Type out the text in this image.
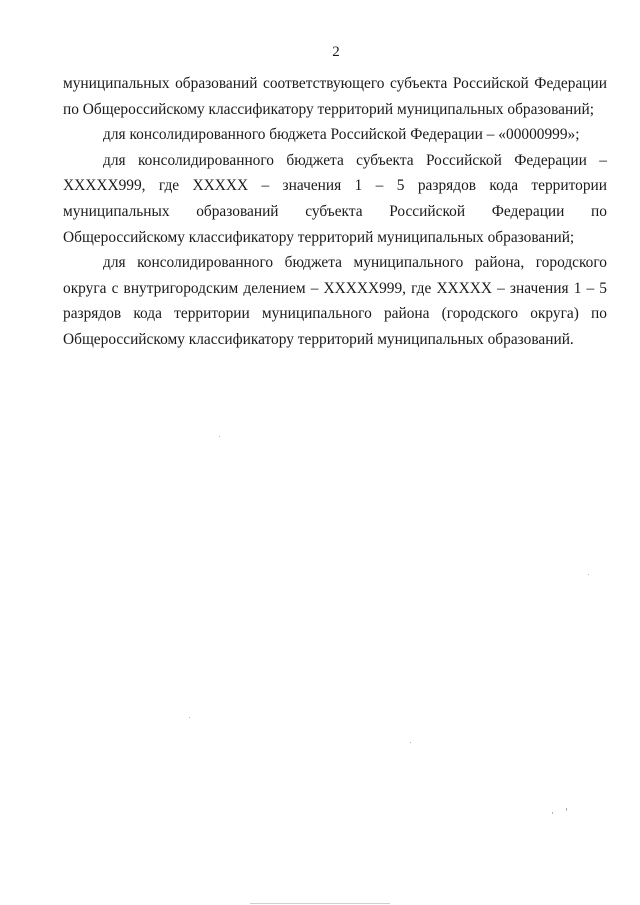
2

муниципальных образований соответствующего субъекта Российской Федерации по Общероссийскому классификатору территорий муниципальных образований;

для консолидированного бюджета Российской Федерации – «00000999»;

для консолидированного бюджета субъекта Российской Федерации – XXXXX999, где XXXXX – значения 1 – 5 разрядов кода территории муниципальных образований субъекта Российской Федерации по Общероссийскому классификатору территорий муниципальных образований;

для консолидированного бюджета муниципального района, городского округа с внутригородским делением – XXXXX999, где XXXXX – значения 1 – 5 разрядов кода территории муниципального района (городского округа) по Общероссийскому классификатору территорий муниципальных образований.
